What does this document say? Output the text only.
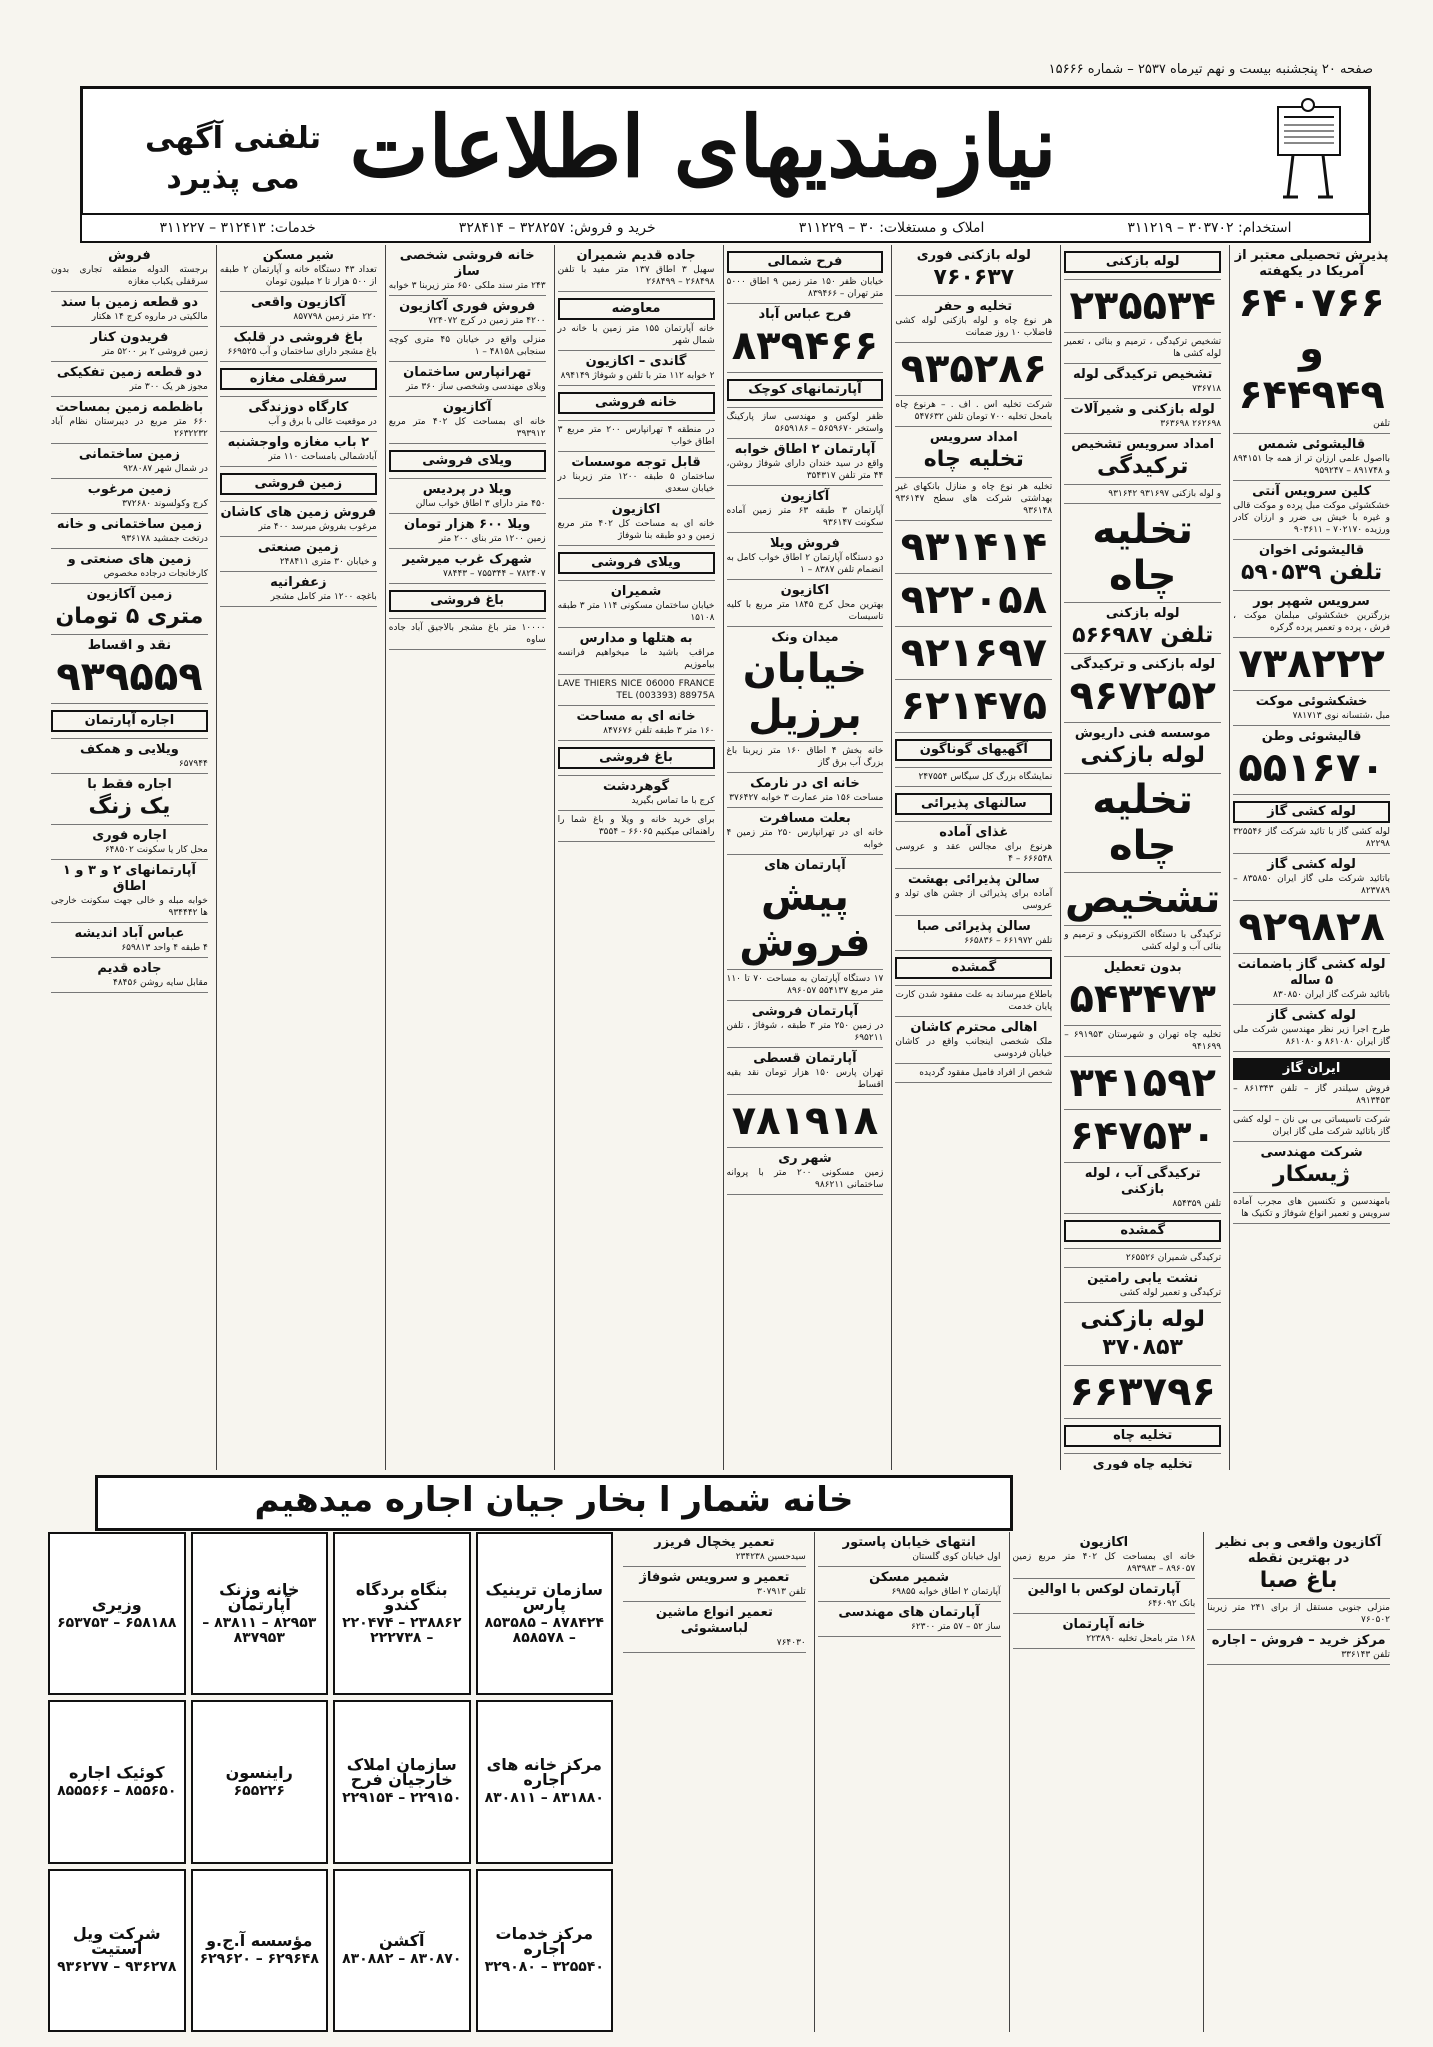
صفحه ۲۰ پنجشنبه بیست و نهم تیرماه ۲۵۳۷ – شماره ۱۵۶۶۶
نیازمندیهای اطلاعات
تلفنی آگهی می پذیرد
استخدام: ۳۰۳۷۰۲ – ۳۱۱۲۱۹
املاک و مستغلات: ۳۰ – ۳۱۱۲۲۹
خرید و فروش: ۳۲۸۲۵۷ – ۳۲۸۴۱۴
خدمات: ۳۱۲۴۱۳ – ۳۱۱۲۲۷
پذیرش تحصیلی معتبر از آمریکا در یکهفته
۶۴۰۷۶۶ و ۶۴۴۹۴۹
تلفن
قالیشوئی شمس
بااصول علمی ارزان تر از همه جا ۸۹۴۱۵۱ و ۸۹۱۷۴۸ – ۹۵۹۲۴۷
کلین سرویس آنتی
خشکشوئی موکت مبل پرده و موکت قالی و غیره با خیش بی ضرر و ارزان کادر ورزیده ۷۰۲۱۷۰ – ۹۰۳۶۱۱
قالیشوئی اخوان
تلفن ۵۹۰۵۳۹
سرویس شهپر بور
بزرگترین خشکشوئی مبلمان موکت ، فرش ، پرده و تعمیر پرده گرکره
۷۳۸۲۲۲
خشکشوئی موکت
مبل ،شتسانه نوی ۷۸۱۷۱۳
قالیشوئی وطن
۵۵۱۶۷۰
لوله کشی گاز
لوله کشی گاز با تائید شرکت گاز ۳۲۵۵۴۶ ۸۲۲۹۸
لوله کشی گاز
باتائید شرکت ملی گاز ایران ۸۳۵۸۵۰ – ۸۲۳۷۸۹
۹۲۹۸۲۸
لوله کشی گاز باضمانت ۵ ساله
باتائید شرکت گاز ایران ۸۳۰۸۵۰
لوله کشی گاز
طرح اجرا زیر نظر مهندسین شرکت ملی گاز ایران ۸۶۱۰۸۰ و ۸۶۱۰۸۰
ایران گاز
فروش سیلندر گاز – تلفن ۸۶۱۳۴۳ – ۸۹۱۳۴۵۳
شرکت تاسیساتی بی بی نان – لوله کشی گاز باتائید شرکت ملی گاز ایران
شرکت مهندسی
ژیسکار
بامهندسین و تکنسین های مجرب آماده سرویس و تعمیر انواع شوفاژ و تکنیک ها
لوله بازکنی
۲۳۵۵۳۴
تشخیص ترکیدگی ، ترمیم و بنائی ، تعمیر لوله کشی ها
تشخیص ترکیدگی لوله
۷۳۶۷۱۸
لوله بازکنی و شیرآلات
۲۶۲۶۹۸ ۳۶۳۶۹۸
امداد سرویس تشخیص
ترکیدگی
و لوله بازکنی ۹۳۱۶۹۷ ۹۳۱۶۴۲
تخلیه چاه
لوله بازکنی
تلفن ۵۶۶۹۸۷
لوله بازکنی و ترکیدگی
۹۶۷۲۵۲
موسسه فنی داریوش
لوله بازکنی
تخلیه چاه
تشخیص
ترکیدگی با دستگاه الکترونیکی و ترمیم و بنائی آب و لوله کشی
بدون تعطیل
۵۴۳۴۷۳
تخلیه چاه تهران و شهرستان ۶۹۱۹۵۳ – ۹۴۱۶۹۹
۳۴۱۵۹۲
۶۴۷۵۳۰
ترکیدگی آب ، لوله بازکنی
تلفن ۸۵۴۳۵۹
گمشده
ترکیدگی شمیران ۲۶۵۵۲۶
نشت یابی رامتین
ترکیدگی و تعمیر لوله کشی
لوله بازکنی ۳۷۰۸۵۳
۶۶۳۷۹۶
تخلیه چاه
تخلیه چاه فوری
لوله بازکنی فوری
۷۶۰۶۳۷
تخلیه و حفر
هر نوع چاه و لوله بازکنی لوله کشی فاضلاب ۱۰ روز ضمانت
۹۳۵۲۸۶
شرکت تخلیه اس . اف . – هرنوع چاه بامحل تخلیه ۷۰۰ تومان تلفن ۵۴۷۶۳۲
امداد سرویس
تخلیه چاه
تخلیه هر نوع چاه و منازل بانکهای غیر بهداشتی شرکت های سطح ۹۳۶۱۴۷ ۹۳۶۱۴۸
۹۳۱۴۱۴
۹۲۲۰۵۸
۹۲۱۶۹۷
۶۲۱۴۷۵
آگهیهای گوناگون
نمایشگاه بزرگ کل سیگاس ۲۴۷۵۵۴
سالنهای پذیرائی
غذای آماده
هرنوع برای مجالس عقد و عروسی ۶۶۶۵۴۸ – ۴
سالن پذیرائی بهشت
آماده برای پذیرائی از جشن های تولد و عروسی
سالن پذیرائی صبا
تلفن ۶۶۱۹۷۲ – ۶۶۵۸۳۶
گمشده
باطلاع میرساند به علت مفقود شدن کارت پایان خدمت
اهالی محترم کاشان
ملک شخصی اینجانب واقع در کاشان خیابان فردوسی
شخص از افراد فامیل مفقود گردیده
فرح شمالی
خیابان ظفر ۱۵۰ متر زمین ۹ اطاق ۵۰۰۰ متر تهران – ۸۳۹۴۶۶
فرح عباس آباد
۸۳۹۴۶۶
آپارتمانهای کوچک
ظفر لوکس و مهندسی ساز پارکینگ واستخر ۵۶۵۹۶۷۰ – ۵۶۵۹۱۸۶
آپارتمان ۲ اطاق خوابه
واقع در سید خندان دارای شوفاژ روشن، ۴۴ متر تلفن ۳۵۴۳۱۷
آکازیون
آپارتمان ۳ طبقه ۶۳ متر زمین آماده سکونت ۹۳۶۱۴۷
فروش ویلا
دو دستگاه آپارتمان ۲ اطاق خواب کامل به انضمام تلفن ۸۳۸۷ – ۱
اکازیون
بهترین محل کرج ۱۸۴۵ متر مربع با کلیه تاسیسات
میدان ونک
خیابان برزیل
خانه بخش ۴ اطاق ۱۶۰ متر زیربنا باغ بزرگ آب برق گاز
خانه ای در نارمک
مساحت ۱۵۶ متر عمارت ۳ خوابه ۳۷۶۴۲۷
بعلت مسافرت
خانه ای در تهرانپارس ۲۵۰ متر زمین ۴ خوابه
آپارتمان های
پیش فروش
۱۷ دستگاه آپارتمان به مساحت ۷۰ تا ۱۱۰ متر مربع ۵۵۴۱۳۷ ۸۹۶۰۵۷
آپارتمان فروشی
در زمین ۲۵۰ متر ۳ طبقه ، شوفاژ ، تلفن ۶۹۵۲۱۱
آپارتمان قسطی
تهران پارس ۱۵۰ هزار تومان نقد بقیه اقساط
۷۸۱۹۱۸
شهر ری
زمین مسکونی ۲۰۰ متر با پروانه ساختمانی ۹۸۶۲۱۱
جاده قدیم شمیران
سهیل ۳ اطاق ۱۳۷ متر مفید با تلفن ۲۶۸۴۹۸ – ۲۶۸۴۹۹
معاوضه
خانه آپارتمان ۱۵۵ متر زمین با خانه در شمال شهر
گاندی – اکازیون
۲ خوابه ۱۱۲ متر با تلفن و شوفاژ ۸۹۴۱۴۹
خانه فروشی
در منطقه ۴ تهرانپارس ۲۰۰ متر مربع ۳ اطاق خواب
قابل توجه موسسات
ساختمان ۵ طبقه ۱۲۰۰ متر زیربنا در خیابان سعدی
اکازیون
خانه ای به مساحت کل ۴۰۲ متر مربع زمین و دو طبقه بنا شوفاژ
ویلای فروشی
شمیران
خیابان ساختمان مسکونی ۱۱۴ متر ۳ طبقه ۱۵۱۰۸
به هتلها و مدارس
مراقب باشید ما میخواهیم فرانسه بیاموزیم
LAVE THIERS NICE 06000 FRANCE TEL (003393) 88975A
خانه ای به مساحت
۱۶۰ متر ۳ طبقه تلفن ۸۴۷۶۷۶
باغ فروشی
گوهردشت
کرج با ما تماس بگیرید
برای خرید خانه و ویلا و باغ شما را راهنمائی میکنیم ۶۶۰۶۵ – ۳۵۵۴
خانه فروشی شخصی ساز
۲۴۳ متر سند ملکی ۶۵۰ متر زیربنا ۳ خوابه
فروش فوری آکازیون
۴۲۰۰ متر زمین در کرج ۷۲۴۰۷۲
منزلی واقع در خیابان ۴۵ متری کوچه سنجابی ۴۸۱۵۸ – ۱
تهرانپارس ساختمان
وبلای مهندسی وشخصی ساز ۳۶۰ متر
آکازیون
خانه ای بمساحت کل ۴۰۲ متر مربع ۳۹۳۹۱۲
ویلای فروشی
ویلا در پردیس
۴۵۰ متر دارای ۳ اطاق خواب سالن
ویلا ۶۰۰ هزار تومان
زمین ۱۲۰۰ متر بنای ۲۰۰ متر
شهرک غرب میرشیر
۷۸۲۴۰۷ – ۷۵۵۳۴۴ – ۷۸۴۴۳
باغ فروشی
۱۰۰۰۰ متر باغ مشجر بالاجیق آباد جاده ساوه
شیر مسکن
تعداد ۴۳ دستگاه خانه و آپارتمان ۲ طبقه از ۵۰۰ هزار تا ۲ میلیون تومان
آکازیون واقعی
۲۲۰ متر زمین ۸۵۷۷۹۸
باغ فروشی در قلبک
باغ مشجر دارای ساختمان و آب ۶۶۹۵۲۵
سرقفلی مغازه
کارگاه دوزندگی
در موقعیت عالی با برق و آب
۲ باب مغازه واوجشنبه
آبادشمالی بامساحت ۱۱۰ متر
زمین فروشی
فروش زمین های کاشان
مرغوب بفروش میرسد ۴۰۰ متر
زمین صنعتی
و خیابان ۳۰ متری ۲۴۸۴۱۱
زعفرانیه
باغچه ۱۲۰۰ متر کامل مشجر
فروش
برجسته الدوله منطقه تجاری بدون سرقفلی یکباب مغازه
دو قطعه زمین با سند
مالکیتی در ماروه کرج ۱۴ هکتار
فریدون کنار
زمین فروشی ۲ بر ۵۲۰۰ متر
دو قطعه زمین تفکیکی
مجوز هر یک ۳۰۰ متر
باظطمه زمین بمساحت
۶۶۰ متر مربع در دیبرستان نظام آباد ۲۶۳۲۲۳۲
زمین ساختمانی
در شمال شهر ۹۲۸۰۸۷
زمین مرغوب
کرج وکولسوند ۳۷۲۶۸۰
زمین ساختمانی و خانه
درتخت جمشید ۹۳۶۱۷۸
زمین های صنعتی و
کارخانجات درجاده مخصوص
زمین آکازیون
متری ۵ تومان
نقد و اقساط
۹۳۹۵۵۹
اجاره آپارتمان
ویلایی و همکف
۶۵۷۹۴۴
اجاره فقط با
یک زنگ
اجاره فوری
محل کار یا سکونت ۶۴۸۵۰۲
آپارتمانهای ۲ و ۳ و ۱ اطاق
خوابه مبله و خالی جهت سکونت خارجی ها ۹۳۴۴۴۲
عباس آباد اندیشه
۴ طبقه ۴ واحد ۶۵۹۸۱۳
جاده قدیم
مقابل سایه روشن ۴۸۴۵۶
خانه شمار ا بخار جیان اجاره میدهیم
سازمان ترینیک پارس
۸۷۸۴۲۴ – ۸۵۳۵۸۵ – ۸۵۸۵۷۸
بنگاه بردگاه کندو
۲۳۸۸۶۲ – ۲۲۰۴۷۴ – ۲۲۲۷۳۸
خانه وزنک آپارتمان
۸۲۹۵۳ – ۸۳۸۱۱ – ۸۳۷۹۵۳
وزیری
۶۵۸۱۸۸ – ۶۵۳۷۵۳
مرکز خانه های اجاره
۸۳۱۸۸۰ – ۸۳۰۸۱۱
سازمان املاک خارجیان فرح
۲۲۹۱۵۰ – ۲۲۹۱۵۴
راینسون
۶۵۵۲۲۶
کوئیک اجاره
۸۵۵۶۵۰ – ۸۵۵۵۶۶
مرکز خدمات اجاره
۳۲۵۵۴۰ – ۳۲۹۰۸۰
آکشن
۸۳۰۸۷۰ – ۸۳۰۸۸۲
مؤسسه آ.ج.و
۶۲۹۶۴۸ – ۶۲۹۶۲۰
شرکت ویل استیت
۹۳۶۲۷۸ – ۹۳۶۲۷۷
آکازیون واقعی و بی نظیر در بهترین نقطه
باغ صبا
منزلی جنوبی مستقل از برای ۲۴۱ متر زیربنا ۷۶۰۵۰۲
مرکز خرید – فروش – اجاره
تلفن ۳۳۶۱۴۳
اکازیون
خانه ای بمساحت کل ۴۰۲ متر مربع زمین ۸۹۶۰۵۷ – ۸۹۳۹۸۳
آپارتمان لوکس با اوالین
بانک ۶۴۶۰۹۲
خانه آپارتمان
۱۶۸ متر بامحل تخلیه ۲۲۳۸۹۰
انتهای خیابان پاستور
اول خیابان کوی گلستان
شمیر مسکن
آپارتمان ۲ اطاق خوابه ۶۹۸۵۵
آپارتمان های مهندسی
ساز ۵۲ – ۵۷ متر ۶۲۳۰۰
تعمیر یخچال فریزر
سیدحسین ۲۳۴۲۳۸
تعمیر و سرویس شوفاژ
تلفن ۳۰۷۹۱۳
تعمیر انواع ماشین لباسشوئی
۷۶۴۰۳۰
